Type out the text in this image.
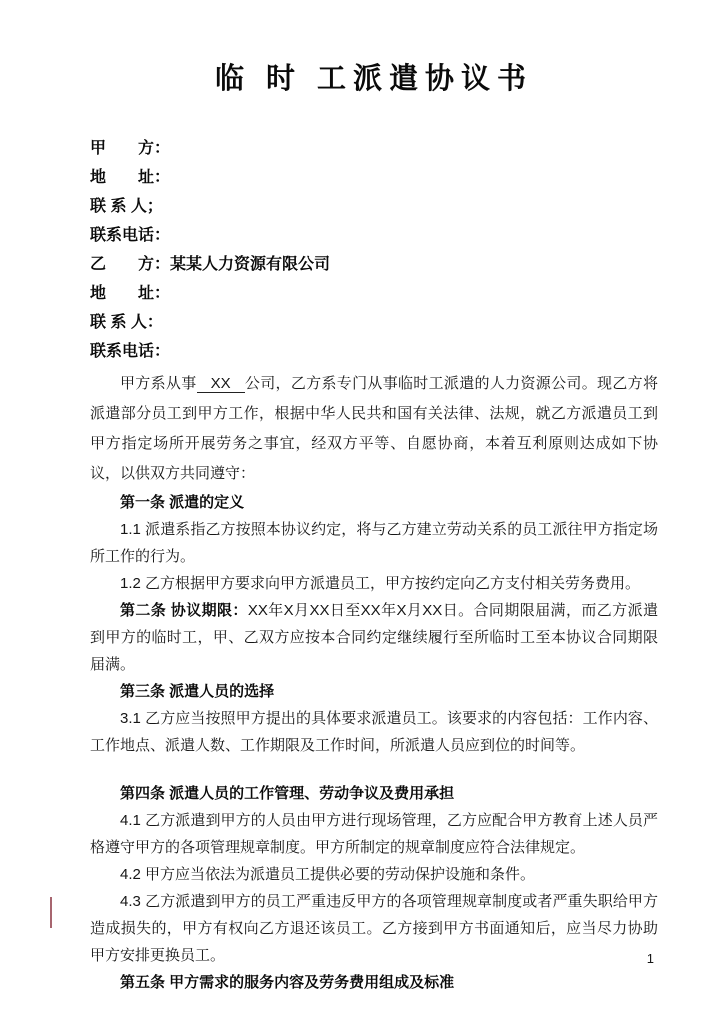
临 时 工派遣协议书

甲　　方：

地　　址：

联 系 人；

联系电话：

乙　　方：某某人力资源有限公司

地　　址：

联 系 人：

联系电话：

甲方系从事 XX 公司，乙方系专门从事临时工派遣的人力资源公司。现乙方将派遣部分员工到甲方工作，根据中华人民共和国有关法律、法规，就乙方派遣员工到甲方指定场所开展劳务之事宜，经双方平等、自愿协商，本着互利原则达成如下协议，以供双方共同遵守：

第一条 派遣的定义

1.1 派遣系指乙方按照本协议约定，将与乙方建立劳动关系的员工派往甲方指定场所工作的行为。

1.2 乙方根据甲方要求向甲方派遣员工，甲方按约定向乙方支付相关劳务费用。

第二条 协议期限：XX年X月XX日至XX年X月XX日。合同期限届满，而乙方派遣到甲方的临时工，甲、乙双方应按本合同约定继续履行至所临时工至本协议合同期限届满。

第三条 派遣人员的选择

3.1 乙方应当按照甲方提出的具体要求派遣员工。该要求的内容包括：工作内容、工作地点、派遣人数、工作期限及工作时间，所派遣人员应到位的时间等。

第四条 派遣人员的工作管理、劳动争议及费用承担

4.1 乙方派遣到甲方的人员由甲方进行现场管理，乙方应配合甲方教育上述人员严格遵守甲方的各项管理规章制度。甲方所制定的规章制度应符合法律规定。

4.2 甲方应当依法为派遣员工提供必要的劳动保护设施和条件。

4.3 乙方派遣到甲方的员工严重违反甲方的各项管理规章制度或者严重失职给甲方造成损失的，甲方有权向乙方退还该员工。乙方接到甲方书面通知后，应当尽力协助甲方安排更换员工。

第五条 甲方需求的服务内容及劳务费用组成及标准

1
